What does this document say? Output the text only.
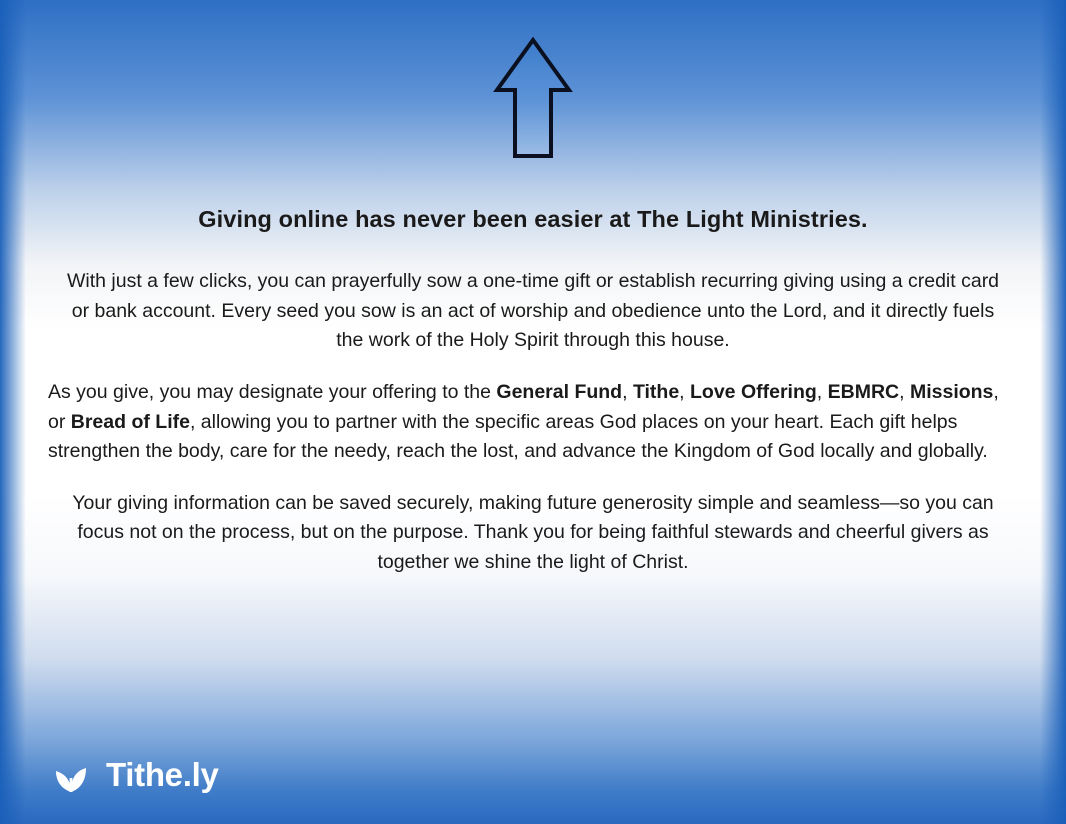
Giving online has never been easier at The Light Ministries.

With just a few clicks, you can prayerfully sow a one-time gift or establish recurring giving using a credit card or bank account. Every seed you sow is an act of worship and obedience unto the Lord, and it directly fuels the work of the Holy Spirit through this house.

As you give, you may designate your offering to the General Fund, Tithe, Love Offering, EBMRC, Missions, or Bread of Life, allowing you to partner with the specific areas God places on your heart. Each gift helps strengthen the body, care for the needy, reach the lost, and advance the Kingdom of God locally and globally.

Your giving information can be saved securely, making future generosity simple and seamless—so you can focus not on the process, but on the purpose. Thank you for being faithful stewards and cheerful givers as together we shine the light of Christ.

Tithe.ly
